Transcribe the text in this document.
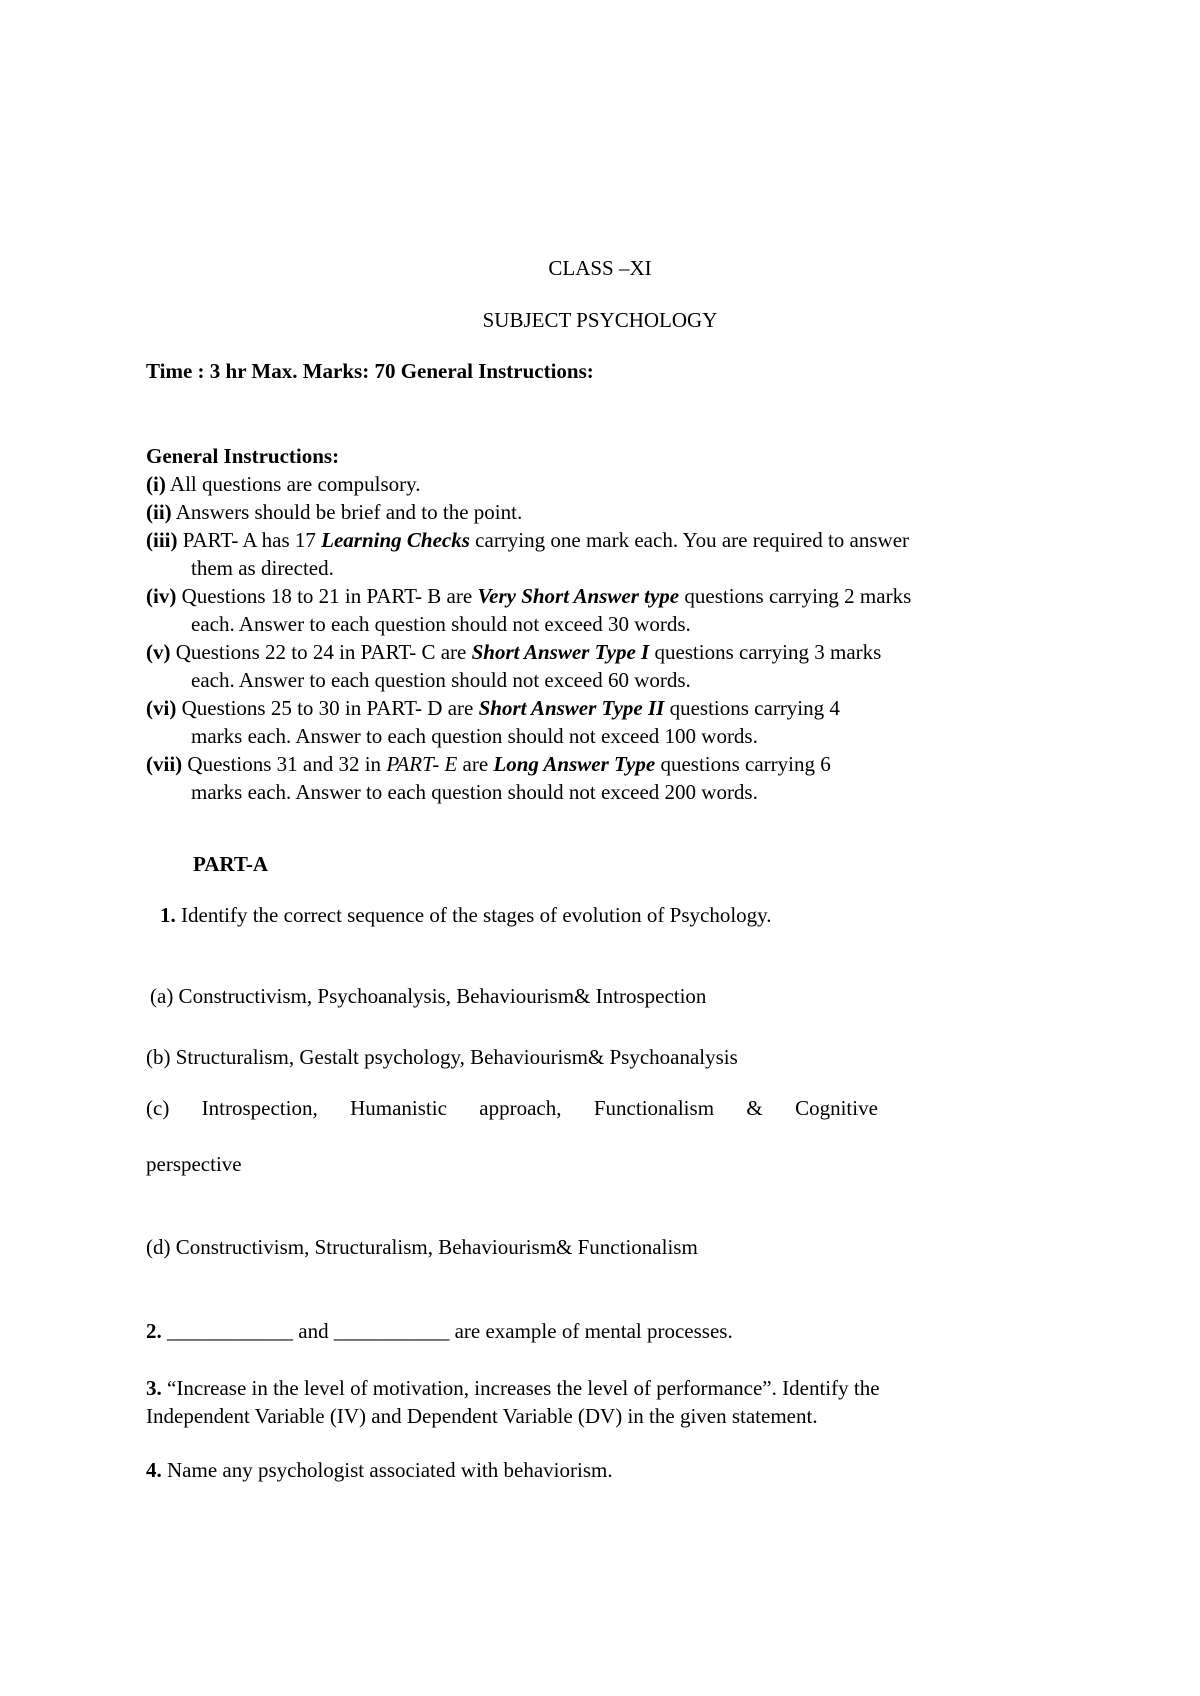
CLASS –XI

SUBJECT PSYCHOLOGY

Time : 3 hr Max. Marks: 70 General Instructions:

General Instructions:
(i) All questions are compulsory.
(ii) Answers should be brief and to the point.
(iii) PART- A has 17 Learning Checks carrying one mark each. You are required to answer
them as directed.
(iv) Questions 18 to 21 in PART- B are Very Short Answer type questions carrying 2 marks
each. Answer to each question should not exceed 30 words.
(v) Questions 22 to 24 in PART- C are Short Answer Type I questions carrying 3 marks
each. Answer to each question should not exceed 60 words.
(vi) Questions 25 to 30 in PART- D are Short Answer Type II questions carrying 4
marks each. Answer to each question should not exceed 100 words.
(vii) Questions 31 and 32 in PART- E are Long Answer Type questions carrying 6
marks each. Answer to each question should not exceed 200 words.

PART-A

1. Identify the correct sequence of the stages of evolution of Psychology.

(a) Constructivism, Psychoanalysis, Behaviourism& Introspection

(b) Structuralism, Gestalt psychology, Behaviourism& Psychoanalysis

(c) Introspection, Humanistic approach, Functionalism & Cognitive

perspective

(d) Constructivism, Structuralism, Behaviourism& Functionalism

2. ____________ and ___________ are example of mental processes.

3. “Increase in the level of motivation, increases the level of performance”. Identify the

Independent Variable (IV) and Dependent Variable (DV) in the given statement.

4. Name any psychologist associated with behaviorism.
